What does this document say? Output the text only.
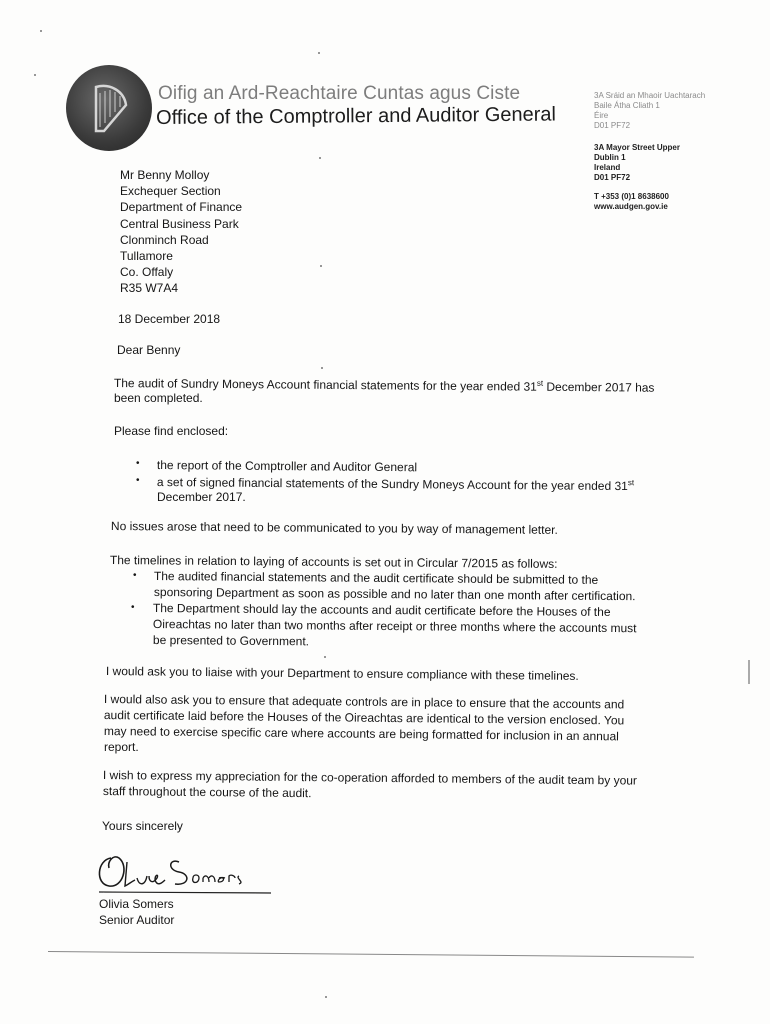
Oifig an Ard-Reachtaire Cuntas agus Ciste
Office of the Comptroller and Auditor General
3A Sráid an Mhaoir Uachtarach
Baile Átha Cliath 1
Éire
D01 PF72
3A Mayor Street Upper
Dublin 1
Ireland
D01 PF72
T +353 (0)1 8638600
www.audgen.gov.ie
Mr Benny Molloy
Exchequer Section
Department of Finance
Central Business Park
Clonminch Road
Tullamore
Co. Offaly
R35 W7A4
18 December 2018
Dear Benny
The audit of Sundry Moneys Account financial statements for the year ended 31st December 2017 has
been completed.
Please find enclosed:
• the report of the Comptroller and Auditor General
• a set of signed financial statements of the Sundry Moneys Account for the year ended 31st
December 2017.
No issues arose that need to be communicated to you by way of management letter.
The timelines in relation to laying of accounts is set out in Circular 7/2015 as follows:
• The audited financial statements and the audit certificate should be submitted to the
sponsoring Department as soon as possible and no later than one month after certification.
• The Department should lay the accounts and audit certificate before the Houses of the
Oireachtas no later than two months after receipt or three months where the accounts must
be presented to Government.
I would ask you to liaise with your Department to ensure compliance with these timelines.
I would also ask you to ensure that adequate controls are in place to ensure that the accounts and
audit certificate laid before the Houses of the Oireachtas are identical to the version enclosed. You
may need to exercise specific care where accounts are being formatted for inclusion in an annual
report.
I wish to express my appreciation for the co-operation afforded to members of the audit team by your
staff throughout the course of the audit.
Yours sincerely
Olivia Somers
Senior Auditor
Olivia Somers
